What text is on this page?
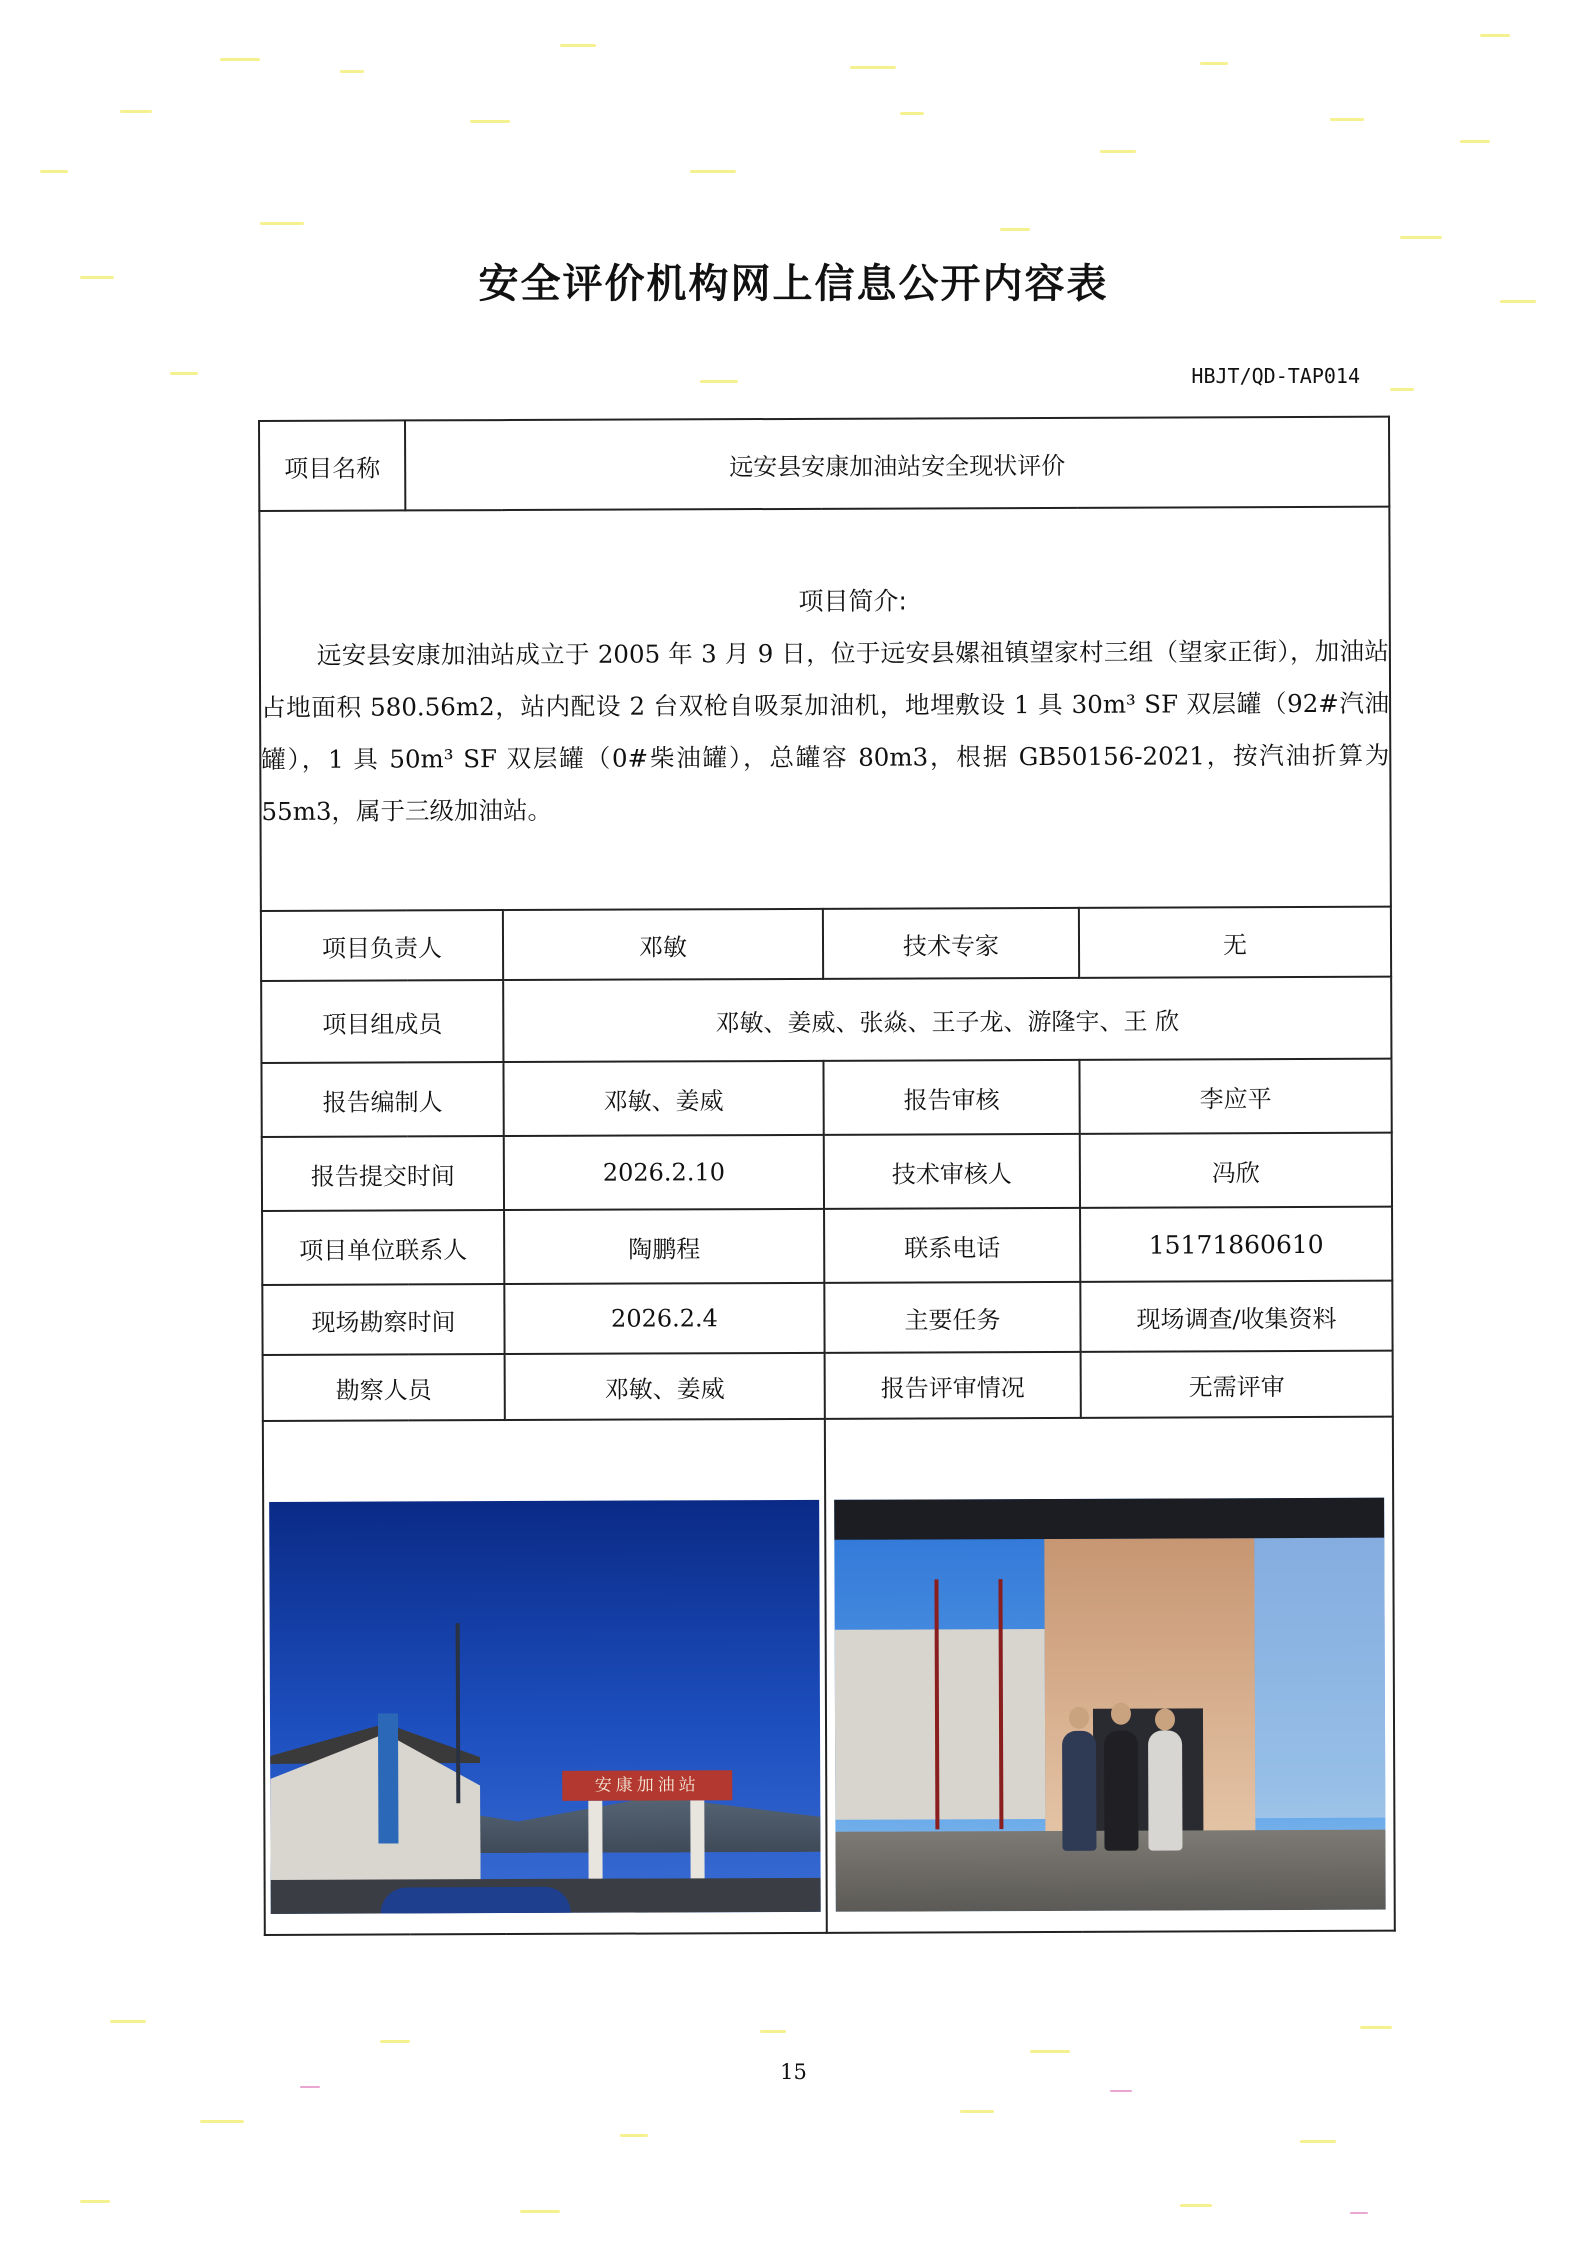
安全评价机构网上信息公开内容表
HBJT/QD-TAP014
项目名称	远安县安康加油站安全现状评价			

项目简介:
远安县安康加油站成立于 2005 年 3 月 9 日，位于远安县嫘祖镇望家村三组（望家正街），加油站占地面积 580.56m2，站内配设 2 台双枪自吸泵加油机，地埋敷设 1 具 30m³ SF 双层罐（92#汽油罐），1 具 50m³ SF 双层罐（0#柴油罐），总罐容 80m3，根据 GB50156-2021，按汽油折算为 55m3，属于三级加油站。				

项目负责人		邓敏	技术专家	无
项目组成员		邓敏、姜威、张焱、王子龙、游隆宇、王 欣		
报告编制人		邓敏、姜威	报告审核	李应平
报告提交时间		2026.2.10	技术审核人	冯欣
项目单位联系人		陶鹏程	联系电话	15171860610
现场勘察时间		2026.2.4	主要任务	现场调查/收集资料
勘察人员		邓敏、姜威	报告评审情况	无需评审

安康加油站				

15
